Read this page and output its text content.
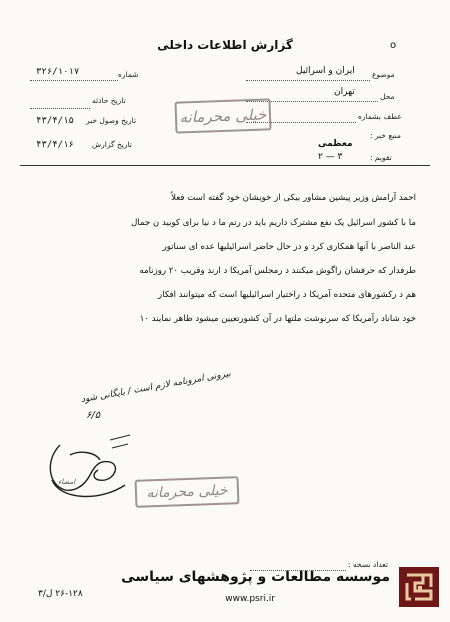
گزارش اطلاعات داخلی	o
شماره
۳۲۶/۱۰۱۷
تاریخ حادثه
تاریخ وصول خبر
۴۳/۴/۱۵
تاریخ گزارش
۴۳/۴/۱۶
موضوع
ایران و اسرائیل
محل
تهران
عطف بشماره
منبع خبر :
معظمی
تقویم :
۲ — ۳
خیلی محرمانه
احمد آرامش وزیر پیشین مشاور بیکی از خویشان خود گفته است فعلاً
ما با کشور اسرائیل یک نفع مشترک داریم باید در رتم ما د نیا برای کوبید ن جمال
عبد الناصر با آنها همکاری کرد و در حال حاضر اسرائیلیها عده ای سناتور
طرفدار که حرفشان راگوش میکنند د رمجلس آمریکا د ارند وقریب ۲۰ روزنامه
هم د رکشورهای متحده آمریکا د راختیار اسرائیلیها است که میتوانند افکار
خود شاناد رآمریکا که سرنوشت ملتها در آن کشورتعیین میشود ظاهر نمایند ۱۰
بیرونی امرونامه لازم است / بایگانی شود
۶/۵
امضاء
خیلی محرمانه
تعداد نسخه :
۲۶-۱۲۸ ل/۳
موسسه مطالعات و پژوهشهای سیاسی
www.psri.ir
